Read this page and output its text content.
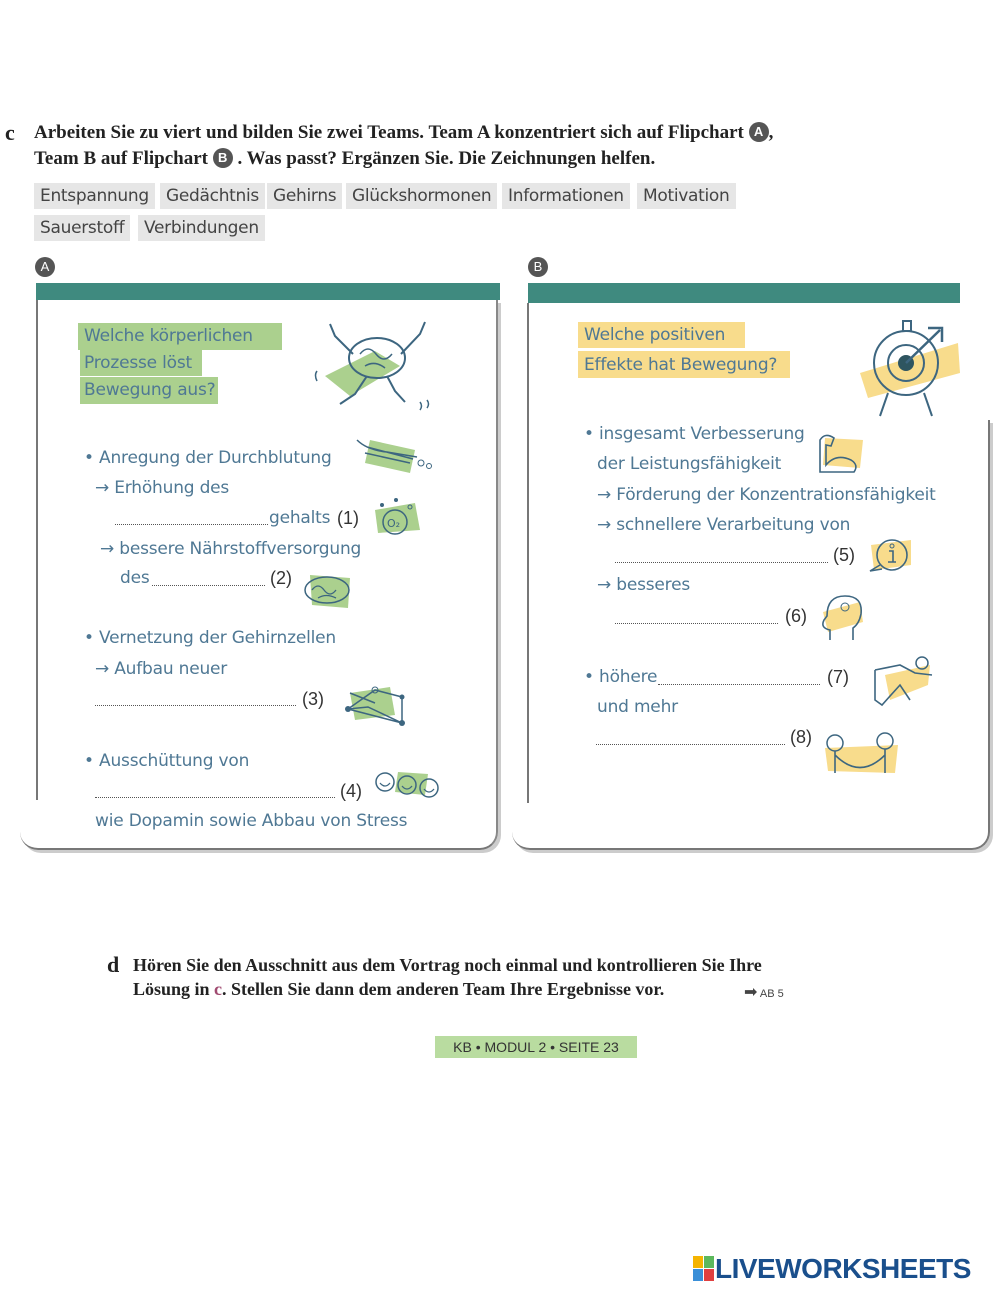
c Arbeiten Sie zu viert und bilden Sie zwei Teams. Team A konzentriert sich auf Flipchart A ,
Team B auf Flipchart B . Was passt? Ergänzen Sie. Die Zeichnungen helfen.
Entspannung	Gedächtnis Gehirns Glückshormonen Informationen	Motivation
Sauerstoff	Verbindungen
A
Welche körperlichen
Prozesse löst
Bewegung aus?
• Anregung der Durchblutung
→ Erhöhung des
gehalts (1)	O₂
→ bessere Nährstoffversorgung
des	(2)
• Vernetzung der Gehirnzellen
→ Aufbau neuer
(3)
• Ausschüttung von
(4)
wie Dopamin sowie Abbau von Stress
B
Welche positiven
Effekte hat Bewegung?
• insgesamt Verbesserung
der Leistungsfähigkeit
→ Förderung der Konzentrationsfähigkeit
→ schnellere Verarbeitung von
(5)
→ besseres
(6)
• höhere	(7)
und mehr
(8)
d Hören Sie den Ausschnitt aus dem Vortrag noch einmal und kontrollieren Sie Ihre
Lösung in c. Stellen Sie dann dem anderen Team Ihre Ergebnisse vor.	➡ AB 5
KB • MODUL 2 • SEITE 23
LIVEWORKSHEETS
